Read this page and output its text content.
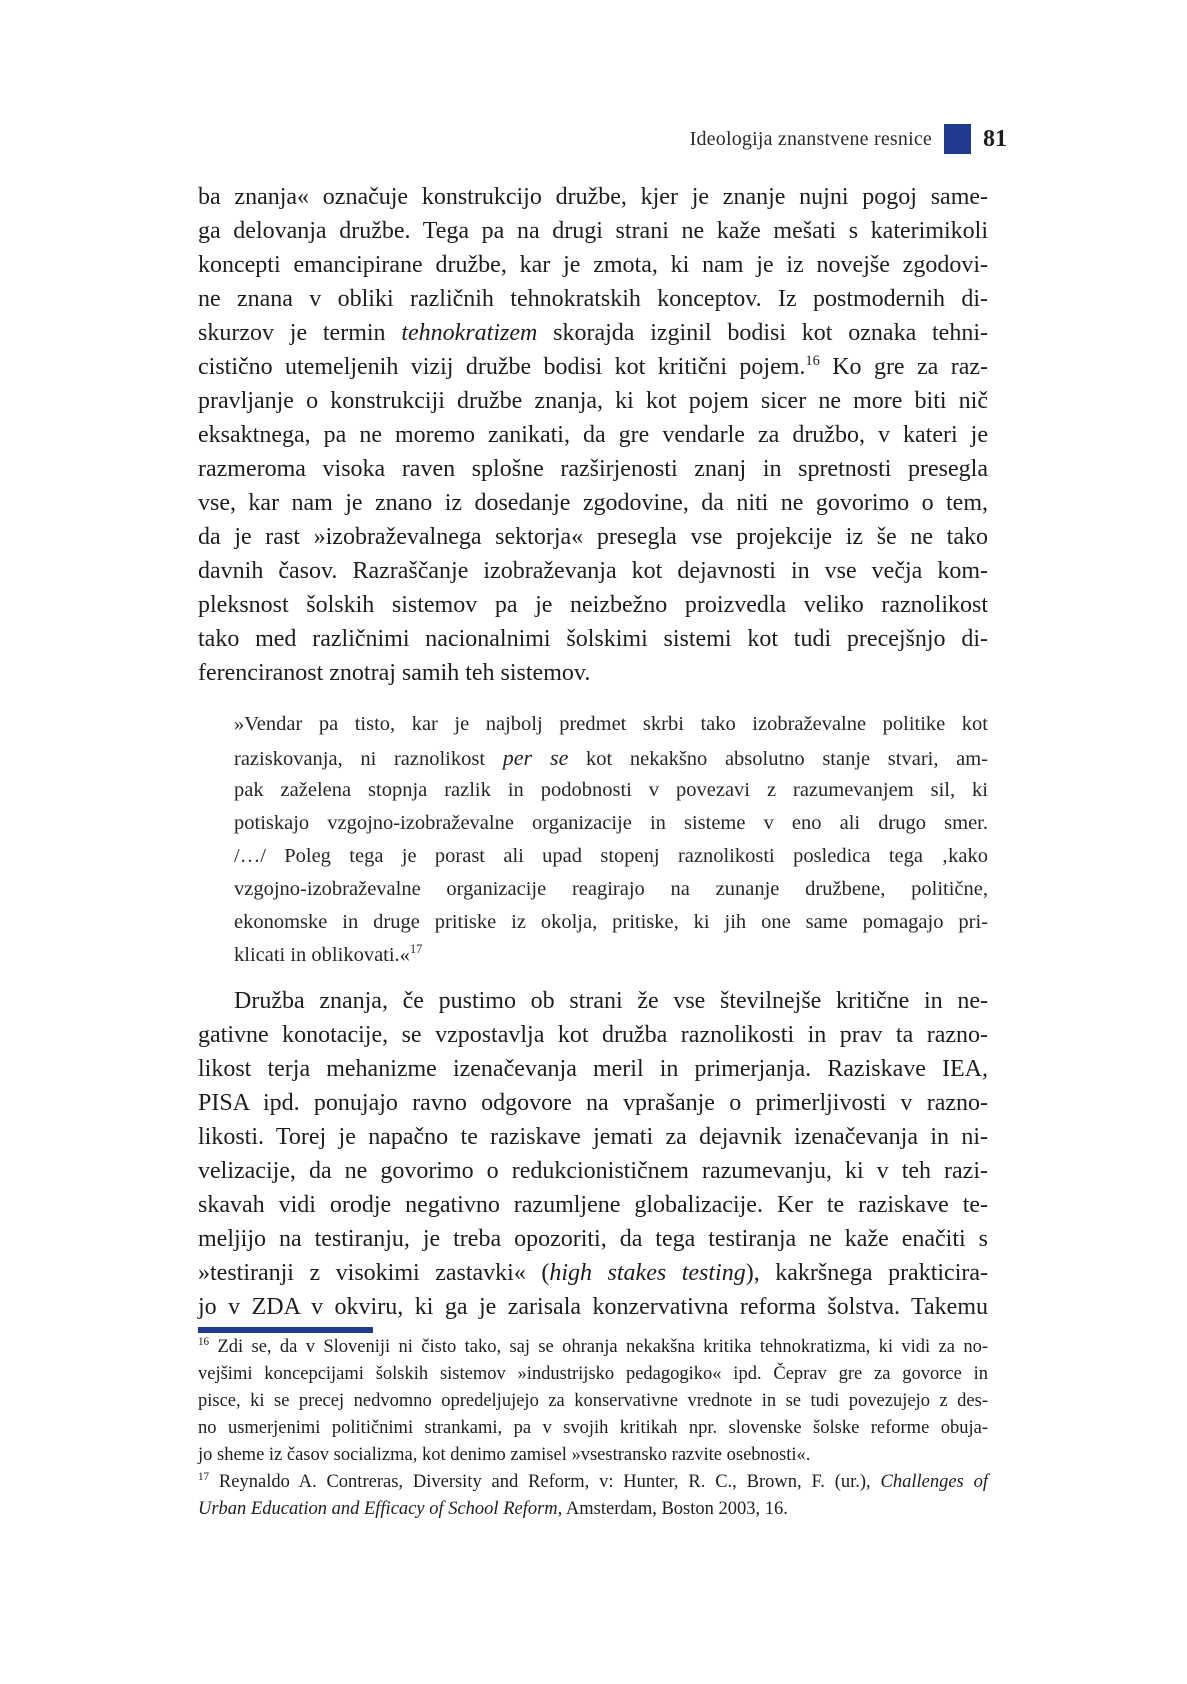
Ideologija znanstvene resnice 81
ba znanja« označuje konstrukcijo družbe, kjer je znanje nujni pogoj same-
ga delovanja družbe. Tega pa na drugi strani ne kaže mešati s katerimikoli
koncepti emancipirane družbe, kar je zmota, ki nam je iz novejše zgodovi-
ne znana v obliki različnih tehnokratskih konceptov. Iz postmodernih di-
skurzov je termin tehnokratizem skorajda izginil bodisi kot oznaka tehni-
cistično utemeljenih vizij družbe bodisi kot kritični pojem.$^{16}$ Ko gre za raz-
pravljanje o konstrukciji družbe znanja, ki kot pojem sicer ne more biti nič
eksaktnega, pa ne moremo zanikati, da gre vendarle za družbo, v kateri je
razmeroma visoka raven splošne razširjenosti znanj in spretnosti presegla
vse, kar nam je znano iz dosedanje zgodovine, da niti ne govorimo o tem,
da je rast »izobraževalnega sektorja« presegla vse projekcije iz še ne tako
davnih časov. Razraščanje izobraževanja kot dejavnosti in vse večja kom-
pleksnost šolskih sistemov pa je neizbežno proizvedla veliko raznolikost
tako med različnimi nacionalnimi šolskimi sistemi kot tudi precejšnjo di-
ferenciranost znotraj samih teh sistemov.
»Vendar pa tisto, kar je najbolj predmet skrbi tako izobraževalne politike kot
raziskovanja, ni raznolikost per se kot nekakšno absolutno stanje stvari, am-
pak zaželena stopnja razlik in podobnosti v povezavi z razumevanjem sil, ki
potiskajo vzgojno-izobraževalne organizacije in sisteme v eno ali drugo smer.
/…/ Poleg tega je porast ali upad stopenj raznolikosti posledica tega ‚kako
vzgojno-izobraževalne organizacije reagirajo na zunanje družbene, politične,
ekonomske in druge pritiske iz okolja, pritiske, ki jih one same pomagajo pri-
klicati in oblikovati.«$^{17}$
Družba znanja, če pustimo ob strani že vse številnejše kritične in ne-
gativne konotacije, se vzpostavlja kot družba raznolikosti in prav ta razno-
likost terja mehanizme izenačevanja meril in primerjanja. Raziskave IEA,
PISA ipd. ponujajo ravno odgovore na vprašanje o primerljivosti v razno-
likosti. Torej je napačno te raziskave jemati za dejavnik izenačevanja in ni-
velizacije, da ne govorimo o redukcionističnem razumevanju, ki v teh razi-
skavah vidi orodje negativno razumljene globalizacije. Ker te raziskave te-
meljijo na testiranju, je treba opozoriti, da tega testiranja ne kaže enačiti s
»testiranji z visokimi zastavki« (high stakes testing), kakršnega prakticira-
jo v ZDA v okviru, ki ga je zarisala konzervativna reforma šolstva. Takemu
$^{16}$ Zdi se, da v Sloveniji ni čisto tako, saj se ohranja nekakšna kritika tehnokratizma, ki vidi za no-
vejšimi koncepcijami šolskih sistemov »industrijsko pedagogiko« ipd. Čeprav gre za govorce in
pisce, ki se precej nedvomno opredeljujejo za konservativne vrednote in se tudi povezujejo z des-
no usmerjenimi političnimi strankami, pa v svojih kritikah npr. slovenske šolske reforme obuja-
jo sheme iz časov socializma, kot denimo zamisel »vsestransko razvite osebnosti«.
$^{17}$ Reynaldo A. Contreras, Diversity and Reform, v: Hunter, R. C., Brown, F. (ur.), Challenges of
Urban Education and Efficacy of School Reform, Amsterdam, Boston 2003, 16.
